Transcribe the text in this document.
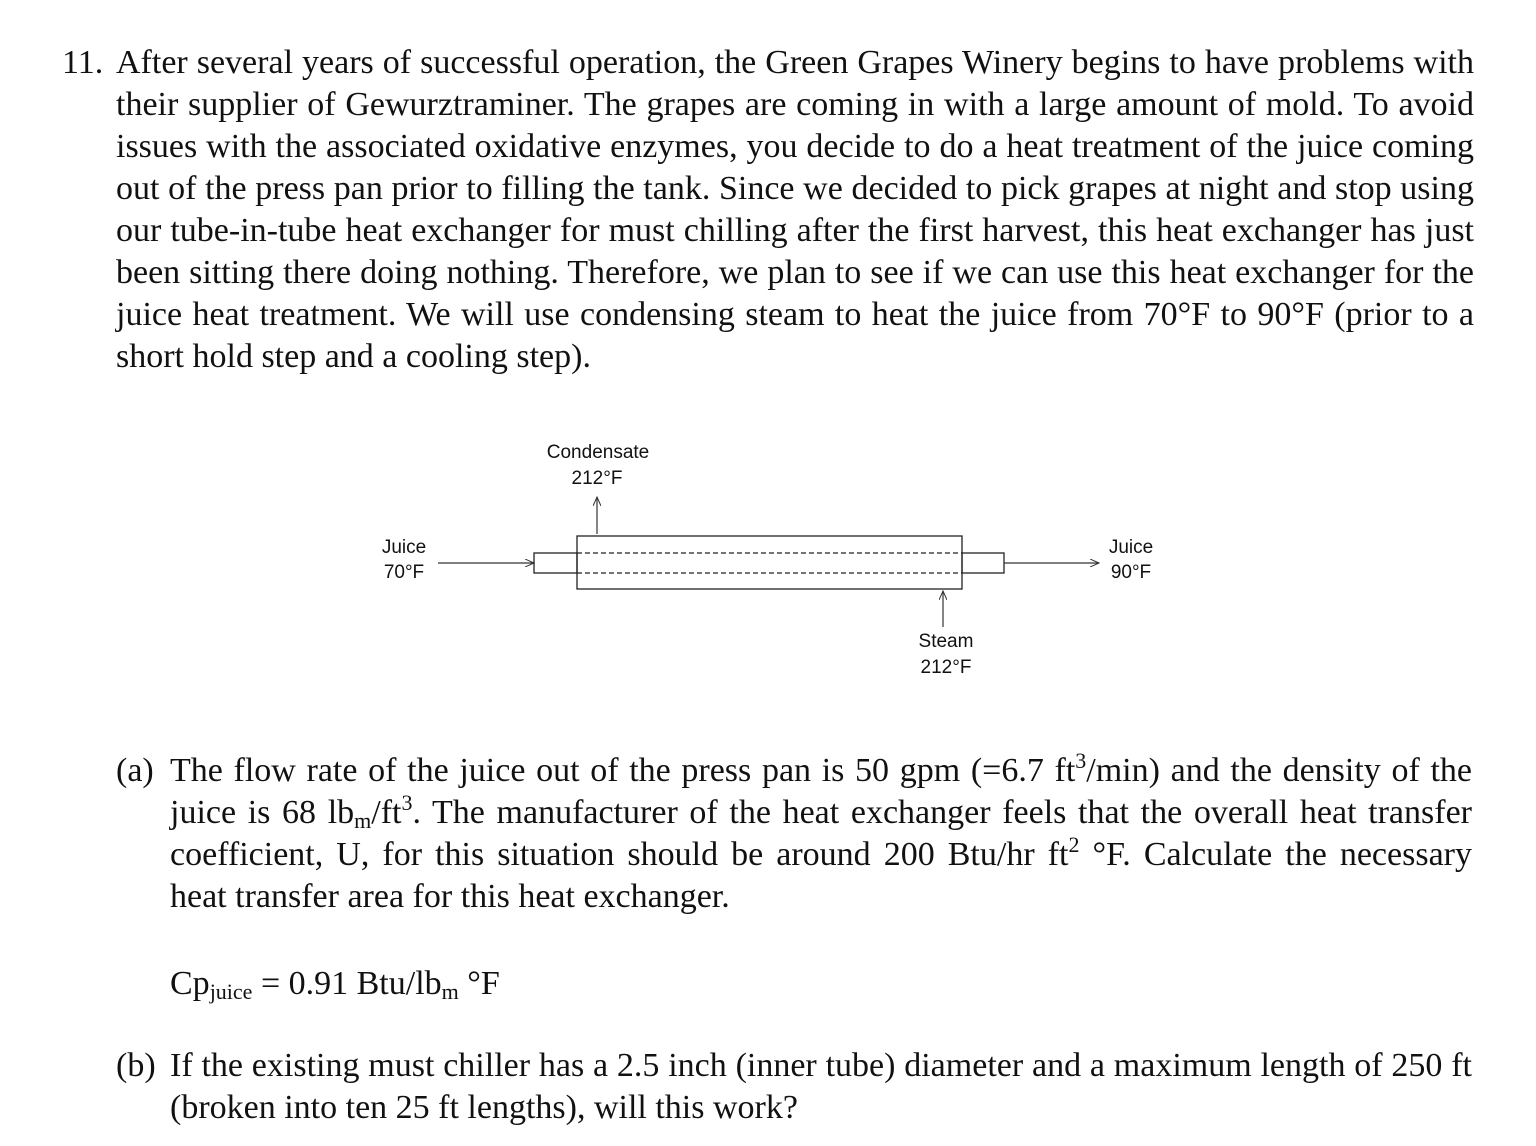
11. After several years of successful operation, the Green Grapes Winery begins to have problems with their supplier of Gewurztraminer. The grapes are coming in with a large amount of mold. To avoid issues with the associated oxidative enzymes, you decide to do a heat treatment of the juice coming out of the press pan prior to filling the tank. Since we decided to pick grapes at night and stop using our tube-in-tube heat exchanger for must chilling after the first harvest, this heat exchanger has just been sitting there doing nothing. Therefore, we plan to see if we can use this heat exchanger for the juice heat treatment. We will use condensing steam to heat the juice from 70°F to 90°F (prior to a short hold step and a cooling step).
Condensate
212°F
Juice
70°F
Juice
90°F
Steam
212°F
(a) The flow rate of the juice out of the press pan is 50 gpm (=6.7 $ft^3/\min$) and the density of the juice is 68 $lb_m/ft^3$. The manufacturer of the heat exchanger feels that the overall heat transfer coefficient, U, for this situation should be around 200 Btu/hr $ft^2$ °F. Calculate the necessary heat transfer area for this heat exchanger.
$Cp_{juice} = 0.91$ Btu/$lb_m$ °F
(b) If the existing must chiller has a 2.5 inch (inner tube) diameter and a maximum length of 250 ft (broken into ten 25 ft lengths), will this work?
